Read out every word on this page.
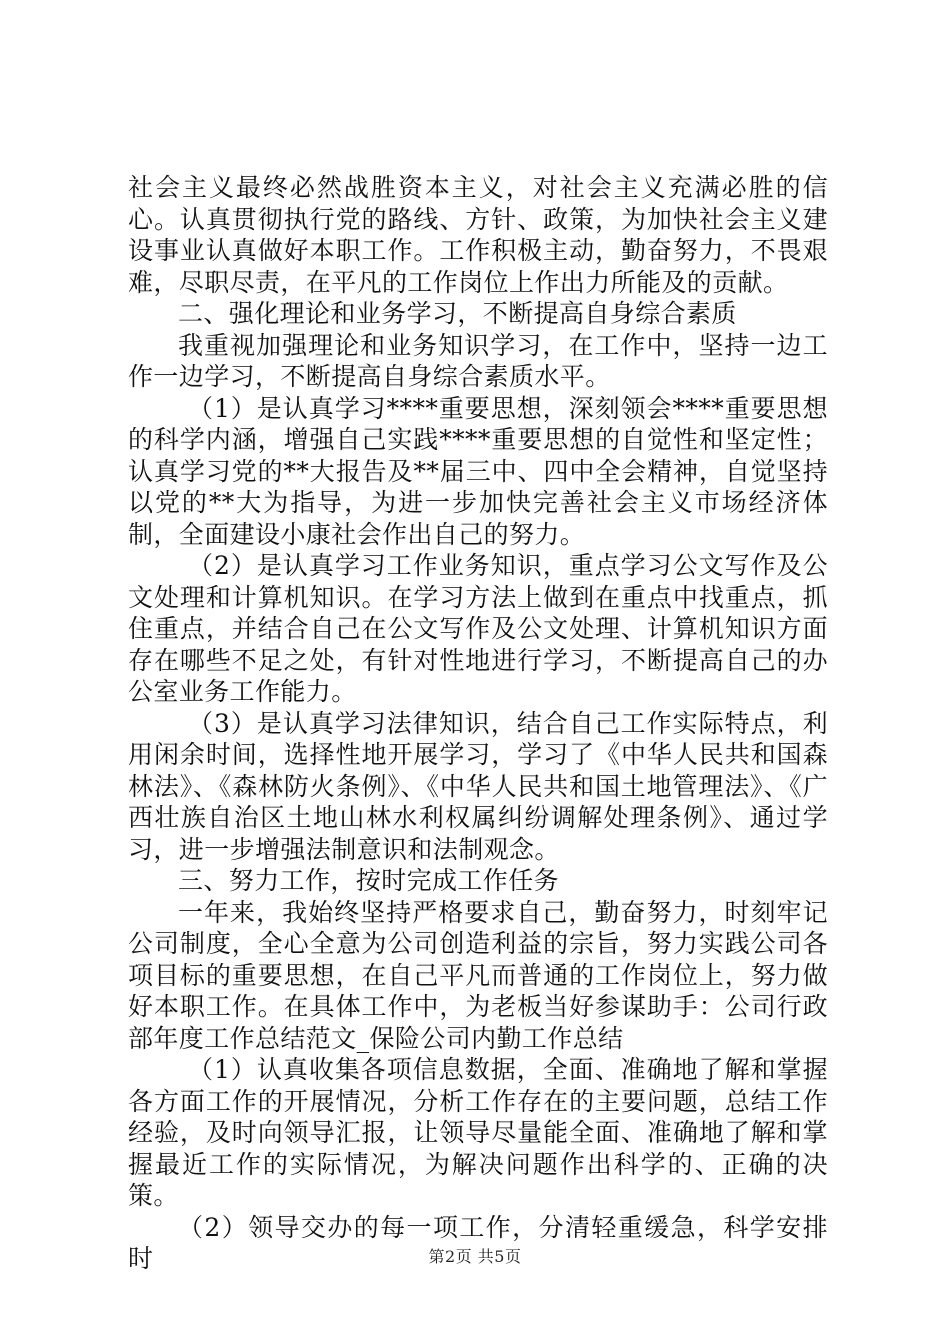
社会主义最终必然战胜资本主义，对社会主义充满必胜的信心。认真贯彻执行党的路线、方针、政策，为加快社会主义建设事业认真做好本职工作。工作积极主动，勤奋努力，不畏艰难，尽职尽责，在平凡的工作岗位上作出力所能及的贡献。

二、强化理论和业务学习，不断提高自身综合素质

我重视加强理论和业务知识学习，在工作中，坚持一边工作一边学习，不断提高自身综合素质水平。

（1）是认真学习****重要思想，深刻领会****重要思想的科学内涵，增强自己实践****重要思想的自觉性和坚定性；认真学习党的**大报告及**届三中、四中全会精神，自觉坚持以党的**大为指导，为进一步加快完善社会主义市场经济体制，全面建设小康社会作出自己的努力。

（2）是认真学习工作业务知识，重点学习公文写作及公文处理和计算机知识。在学习方法上做到在重点中找重点，抓住重点，并结合自己在公文写作及公文处理、计算机知识方面存在哪些不足之处，有针对性地进行学习，不断提高自己的办公室业务工作能力。

（3）是认真学习法律知识，结合自己工作实际特点，利用闲余时间，选择性地开展学习，学习了《中华人民共和国森林法》、《森林防火条例》、《中华人民共和国土地管理法》、《广西壮族自治区土地山林水利权属纠纷调解处理条例》、通过学习，进一步增强法制意识和法制观念。

三、努力工作，按时完成工作任务

一年来，我始终坚持严格要求自己，勤奋努力，时刻牢记公司制度，全心全意为公司创造利益的宗旨，努力实践公司各项目标的重要思想，在自己平凡而普通的工作岗位上，努力做好本职工作。在具体工作中，为老板当好参谋助手：公司行政部年度工作总结范文_保险公司内勤工作总结

（1）认真收集各项信息数据，全面、准确地了解和掌握各方面工作的开展情况，分析工作存在的主要问题，总结工作经验，及时向领导汇报，让领导尽量能全面、准确地了解和掌握最近工作的实际情况，为解决问题作出科学的、正确的决策。

（2）领导交办的每一项工作，分清轻重缓急，科学安排时	第2页 共5页
